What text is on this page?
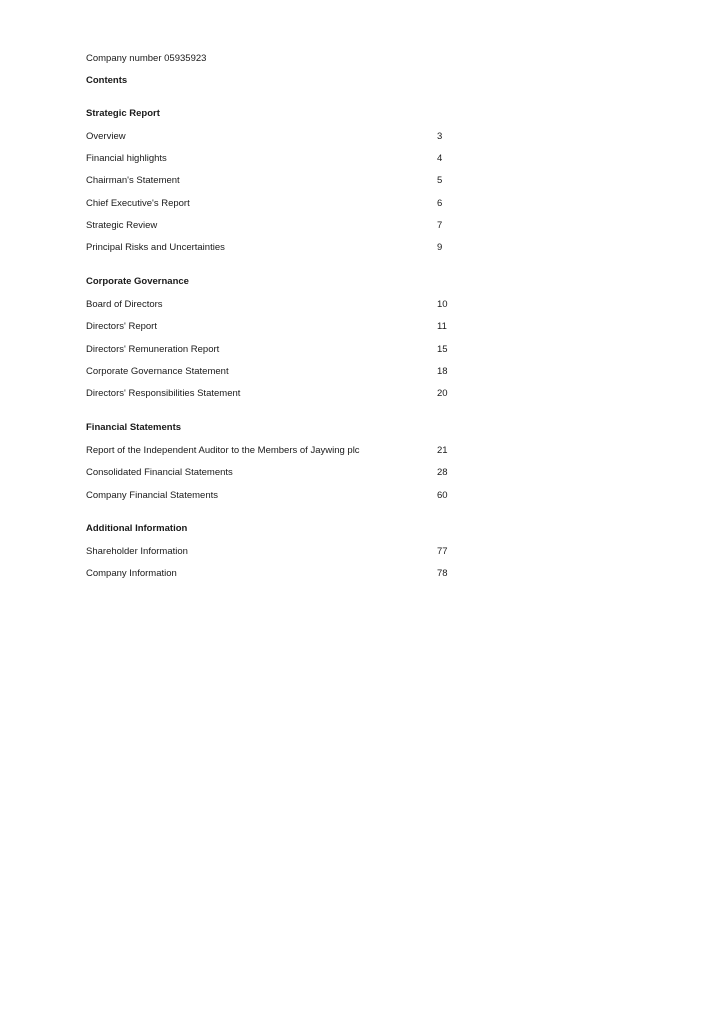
Company number 05935923
Contents
Strategic Report
Overview	3
Financial highlights	4
Chairman's Statement	5
Chief Executive's Report	6
Strategic Review	7
Principal Risks and Uncertainties	9
Corporate Governance
Board of Directors	10
Directors' Report	11
Directors' Remuneration Report	15
Corporate Governance Statement	18
Directors' Responsibilities Statement	20
Financial Statements
Report of the Independent Auditor to the Members of Jaywing plc	21
Consolidated Financial Statements	28
Company Financial Statements	60
Additional Information
Shareholder Information	77
Company Information	78
